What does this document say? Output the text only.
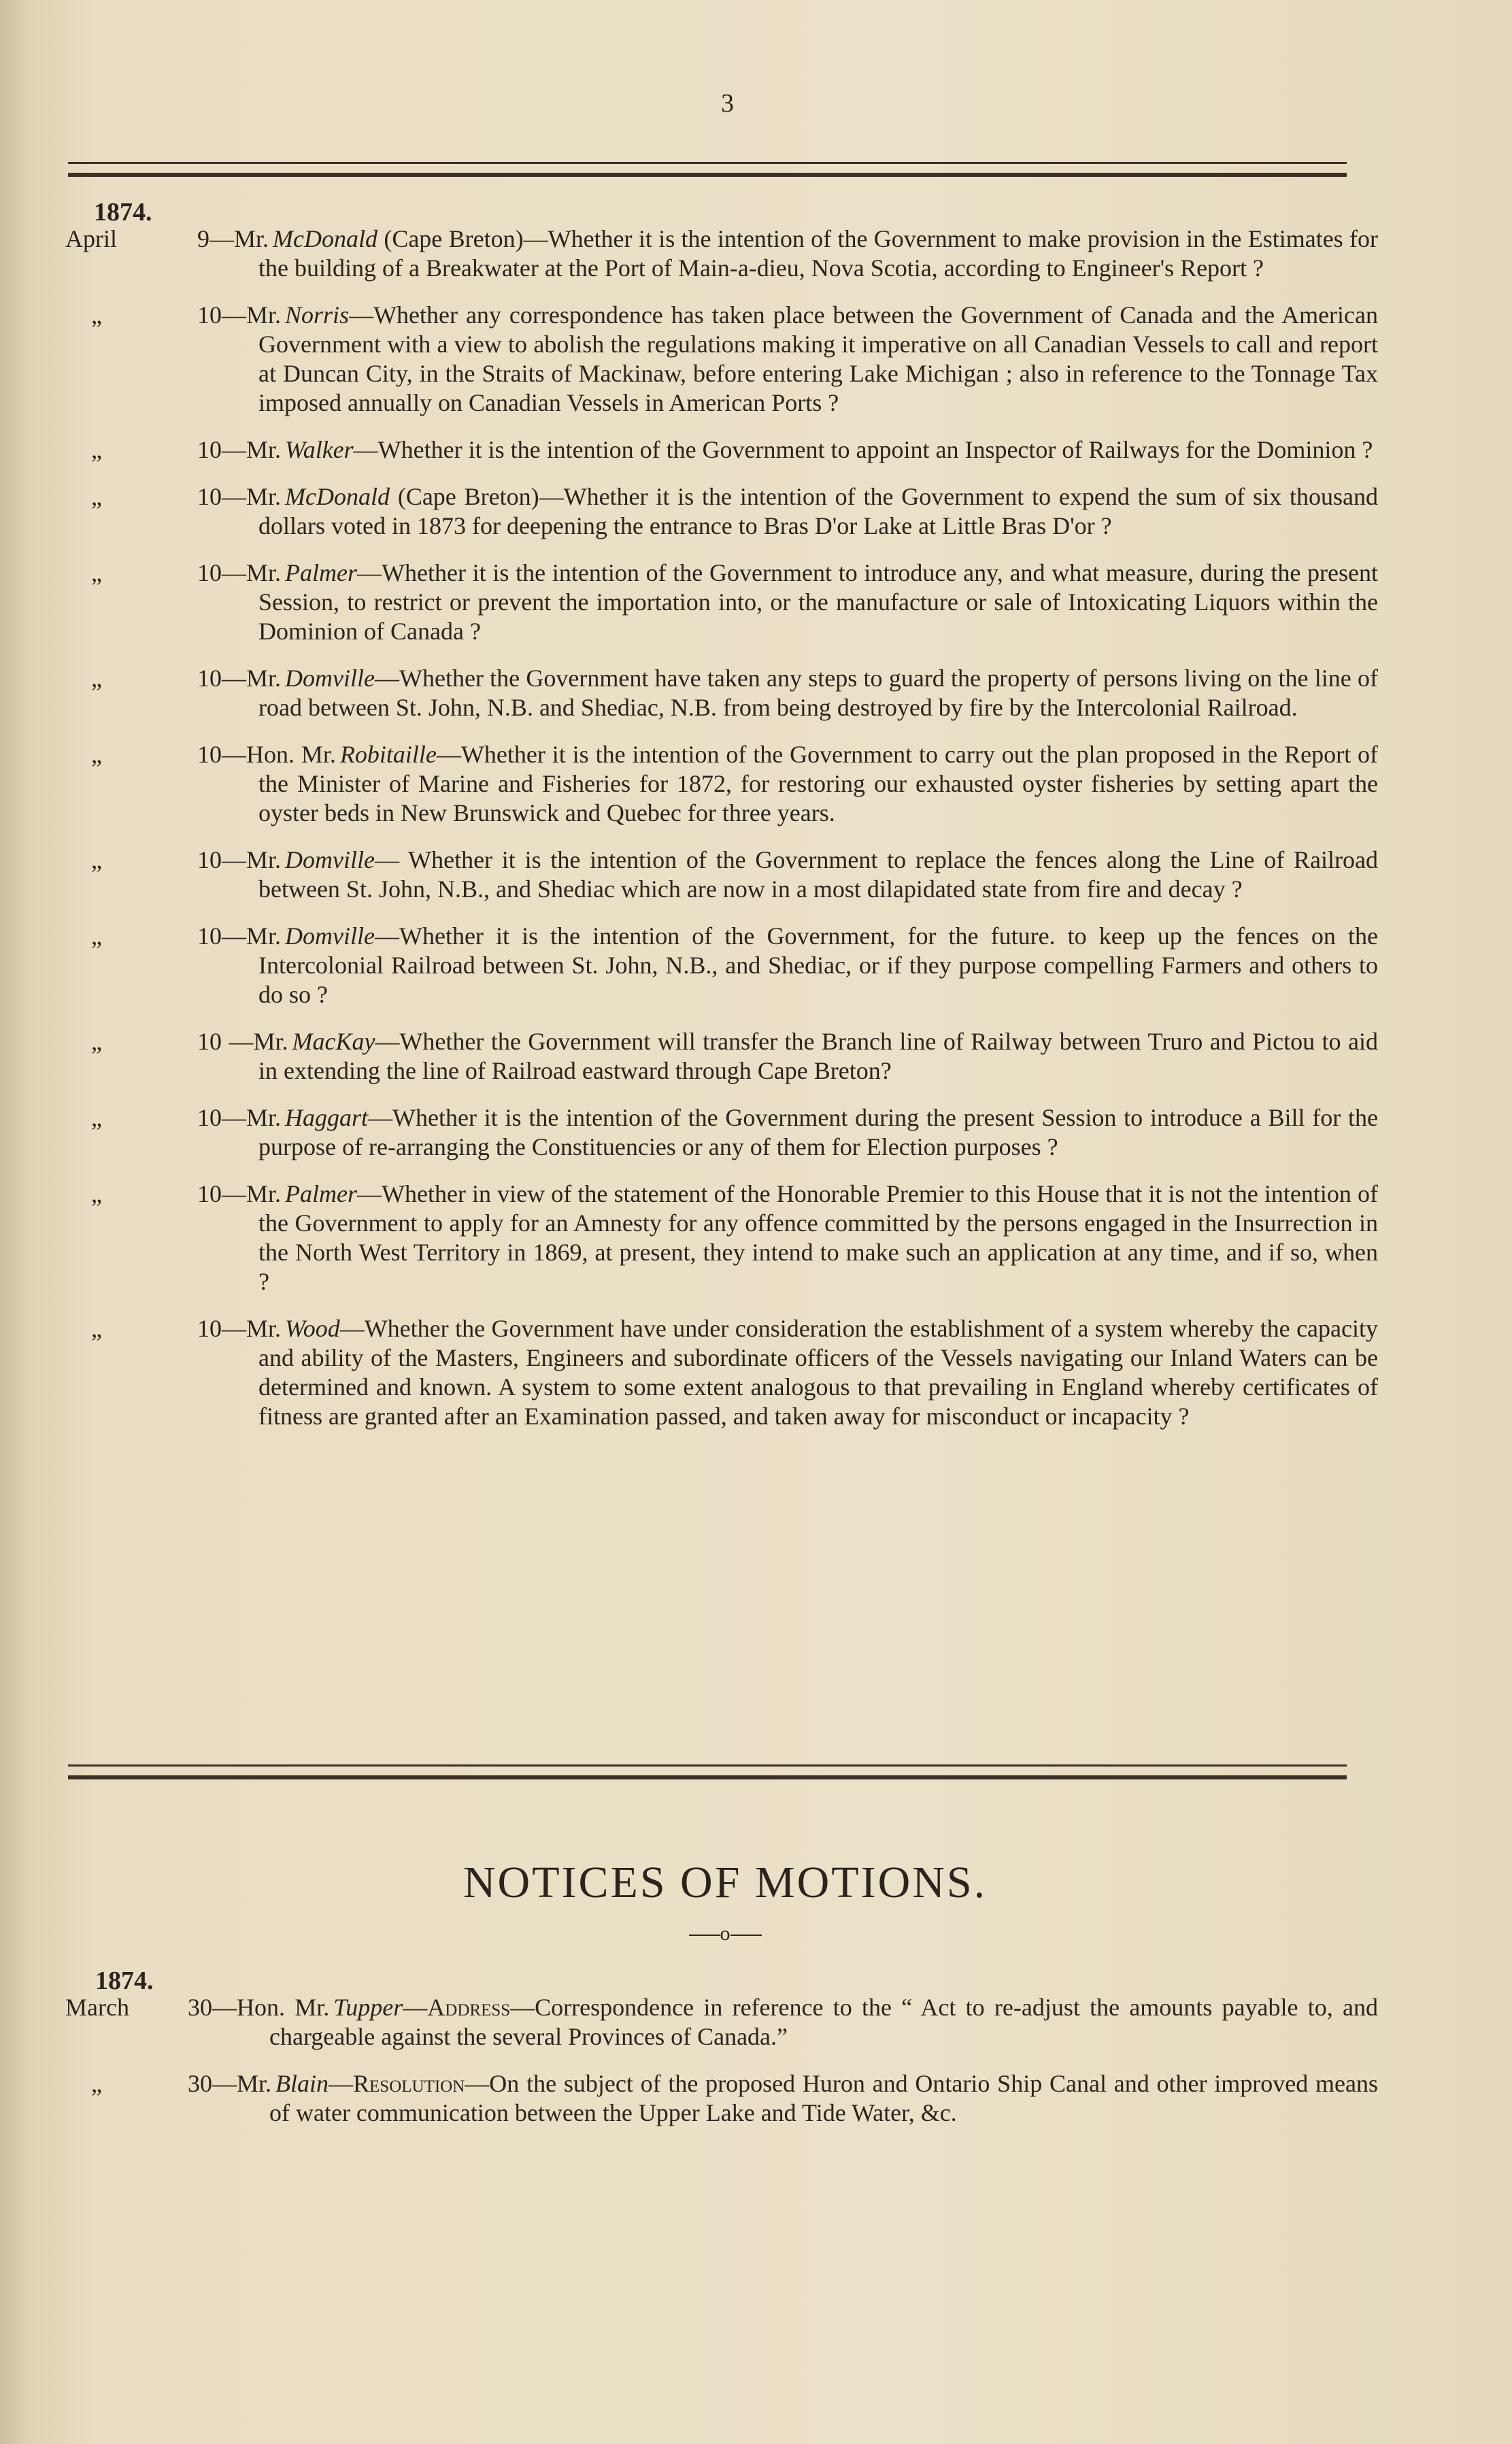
3
1874.
April	9—Mr. McDonald (Cape Breton)—Whether it is the intention of the Government to make provision in the Estimates for the building of a Breakwater at the Port of Main-a-dieu, Nova Scotia, according to Engineer's Report ?
„	10—Mr. Norris—Whether any correspondence has taken place between the Government of Canada and the American Government with a view to abolish the regulations making it imperative on all Canadian Vessels to call and report at Duncan City, in the Straits of Mackinaw, before entering Lake Michigan ; also in reference to the Tonnage Tax imposed annually on Canadian Vessels in American Ports ?
„	10—Mr. Walker—Whether it is the intention of the Government to appoint an Inspector of Railways for the Dominion ?
„	10—Mr. McDonald (Cape Breton)—Whether it is the intention of the Government to expend the sum of six thousand dollars voted in 1873 for deepening the entrance to Bras D'or Lake at Little Bras D'or ?
„	10—Mr. Palmer—Whether it is the intention of the Government to introduce any, and what measure, during the present Session, to restrict or prevent the importation into, or the manufacture or sale of Intoxicating Liquors within the Dominion of Canada ?
„	10—Mr. Domville—Whether the Government have taken any steps to guard the property of persons living on the line of road between St. John, N.B. and Shediac, N.B. from being destroyed by fire by the Intercolonial Railroad.
„	10—Hon. Mr. Robitaille—Whether it is the intention of the Government to carry out the plan proposed in the Report of the Minister of Marine and Fisheries for 1872, for restoring our exhausted oyster fisheries by setting apart the oyster beds in New Brunswick and Quebec for three years.
„	10—Mr. Domville— Whether it is the intention of the Government to replace the fences along the Line of Railroad between St. John, N.B., and Shediac which are now in a most dilapidated state from fire and decay ?
„	10—Mr. Domville—Whether it is the intention of the Government, for the future. to keep up the fences on the Intercolonial Railroad between St. John, N.B., and Shediac, or if they purpose compelling Farmers and others to do so ?
„	10 —Mr. MacKay—Whether the Government will transfer the Branch line of Railway between Truro and Pictou to aid in extending the line of Railroad eastward through Cape Breton?
„	10—Mr. Haggart—Whether it is the intention of the Government during the present Session to introduce a Bill for the purpose of re-arranging the Constituencies or any of them for Election purposes ?
„	10—Mr. Palmer—Whether in view of the statement of the Honorable Premier to this House that it is not the intention of the Government to apply for an Amnesty for any offence committed by the persons engaged in the Insurrection in the North West Territory in 1869, at present, they intend to make such an application at any time, and if so, when ?
„	10—Mr. Wood—Whether the Government have under consideration the establishment of a system whereby the capacity and ability of the Masters, Engineers and subordinate officers of the Vessels navigating our Inland Waters can be determined and known. A system to some extent analogous to that prevailing in England whereby certificates of fitness are granted after an Examination passed, and taken away for misconduct or incapacity ?
NOTICES OF MOTIONS.
o
1874.
March	30—Hon. Mr. Tupper—Address—Correspondence in reference to the “ Act to re-adjust the amounts payable to, and chargeable against the several Provinces of Canada.”
„	30—Mr. Blain—Resolution—On the subject of the proposed Huron and Ontario Ship Canal and other improved means of water communication between the Upper Lake and Tide Water, &c.
